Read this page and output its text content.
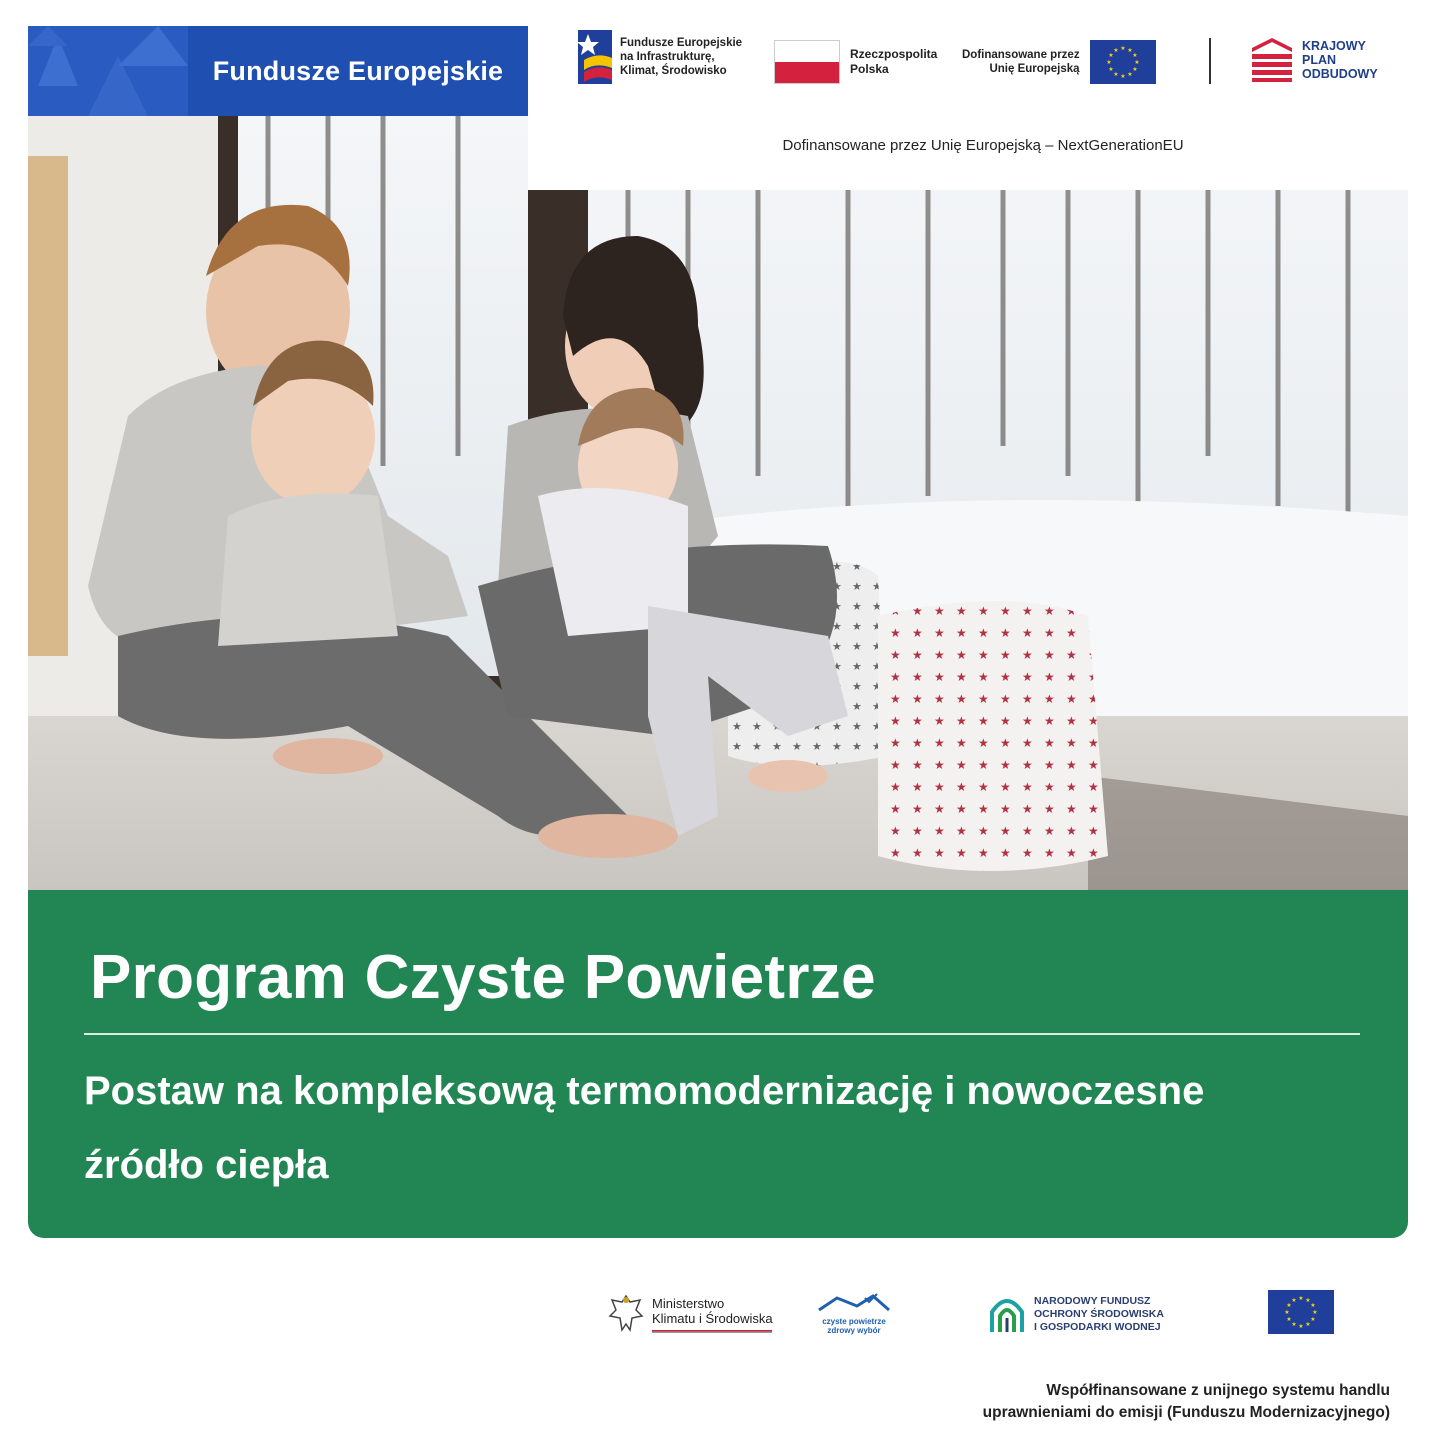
Fundusze Europejskie
Fundusze Europejskie
na Infrastrukturę,
Klimat, Środowisko
Rzeczpospolita
Polska
Dofinansowane przez
Unię Europejską
★ ★
★
★
★
★
★
★
★
★
★
★	KRAJOWY
PLAN
ODBUDOWY
Dofinansowane przez Unię Europejską – NextGenerationEU
Program Czyste Powietrze
Postaw na kompleksową termomodernizację i nowoczesne
źródło ciepła
Ministerstwo
Klimatu i Środowiska	czyste powietrze
zdrowy wybór
NARODOWY FUNDUSZ
OCHRONY ŚRODOWISKA
I GOSPODARKI WODNEJ
★ ★
★
★
★
★
★
★
★
★
★
★
Współfinansowane z unijnego systemu handlu
uprawnieniami do emisji (Funduszu Modernizacyjnego)
